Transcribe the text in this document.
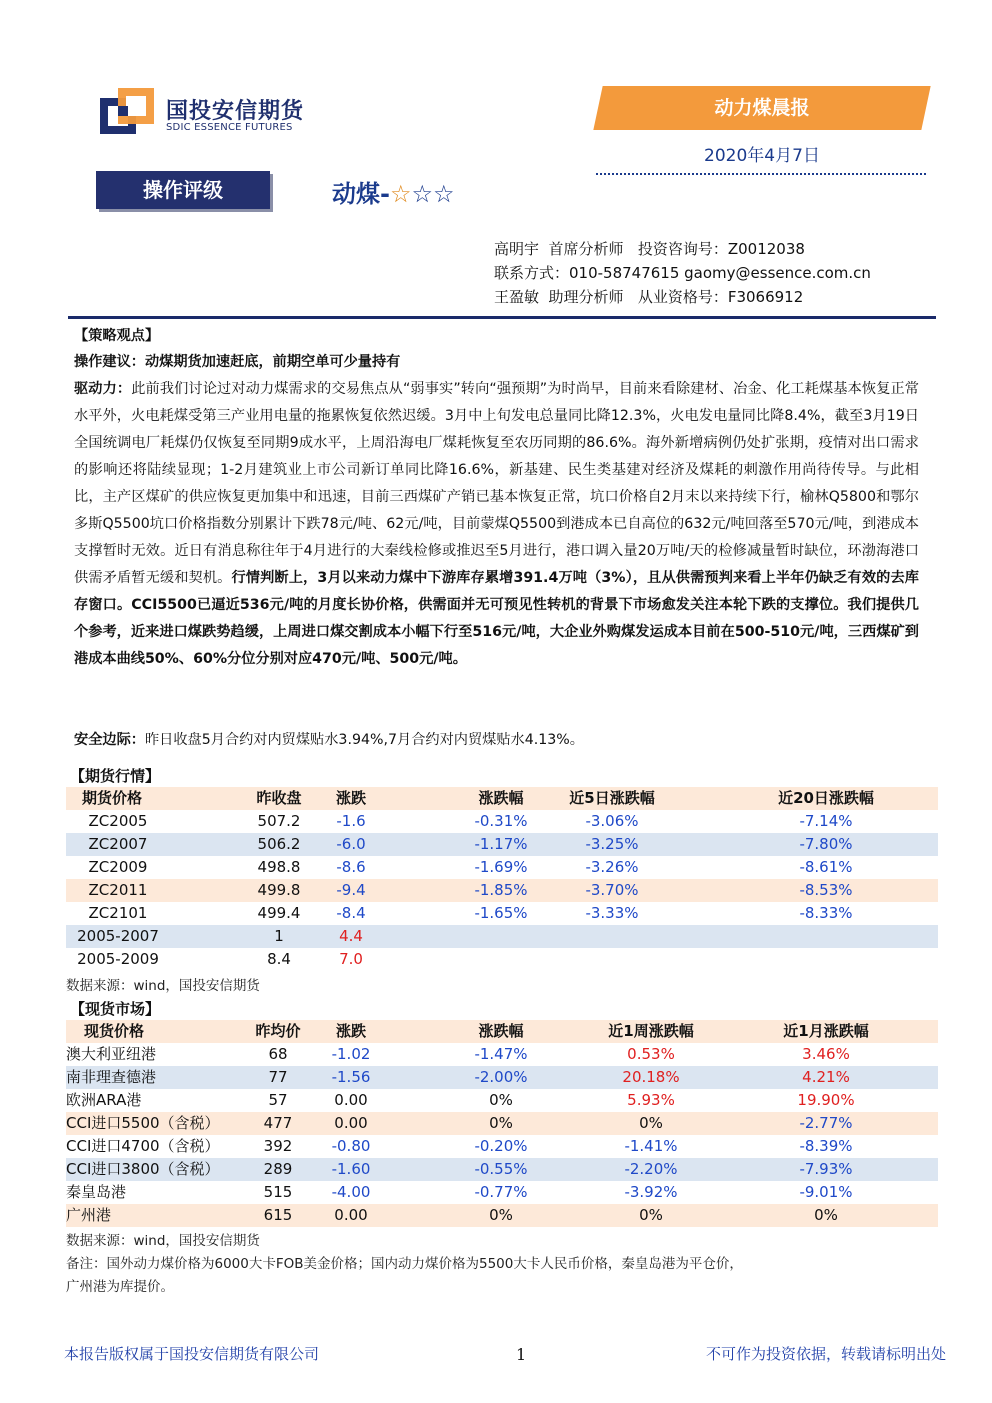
国投安信期货
SDIC ESSENCE FUTURES
动力煤晨报
2020年4月7日
操作评级	动煤-☆☆☆
高明宇  首席分析师   投资咨询号：Z0012038
联系方式：010-58747615 gaomy@essence.com.cn
王盈敏  助理分析师   从业资格号：F3066912
【策略观点】
操作建议：动煤期货加速赶底，前期空单可少量持有
驱动力：此前我们讨论过对动力煤需求的交易焦点从“弱事实”转向“强预期”为时尚早，目前来看除建材、冶金、化工耗煤基本恢复正常水平外，火电耗煤受第三产业用电量的拖累恢复依然迟缓。3月中上旬发电总量同比降12.3%，火电发电量同比降8.4%，截至3月19日全国统调电厂耗煤仍仅恢复至同期9成水平，上周沿海电厂煤耗恢复至农历同期的86.6%。海外新增病例仍处扩张期，疫情对出口需求的影响还将陆续显现；1-2月建筑业上市公司新订单同比降16.6%，新基建、民生类基建对经济及煤耗的刺激作用尚待传导。与此相比，主产区煤矿的供应恢复更加集中和迅速，目前三西煤矿产销已基本恢复正常，坑口价格自2月末以来持续下行，榆林Q5800和鄂尔多斯Q5500坑口价格指数分别累计下跌78元/吨、62元/吨，目前蒙煤Q5500到港成本已自高位的632元/吨回落至570元/吨，到港成本支撑暂时无效。近日有消息称往年于4月进行的大秦线检修或推迟至5月进行，港口调入量20万吨/天的检修减量暂时缺位，环渤海港口供需矛盾暂无缓和契机。行情判断上，3月以来动力煤中下游库存累增391.4万吨（3%），且从供需预判来看上半年仍缺乏有效的去库存窗口。CCI5500已逼近536元/吨的月度长协价格，供需面并无可预见性转机的背景下市场愈发关注本轮下跌的支撑位。我们提供几个参考，近来进口煤跌势趋缓，上周进口煤交割成本小幅下行至516元/吨，大企业外购煤发运成本目前在500-510元/吨，三西煤矿到港成本曲线50%、60%分位分别对应470元/吨、500元/吨。
安全边际：昨日收盘5月合约对内贸煤贴水3.94%,7月合约对内贸煤贴水4.13%。
【期货行情】
期货价格	昨收盘 涨跌	涨跌幅	近5日涨跌幅	近20日涨跌幅
ZC2005	507.2 -1.6	-0.31%	-3.06%	-7.14%
ZC2007	506.2 -6.0	-1.17%	-3.25%	-7.80%
ZC2009	498.8 -8.6	-1.69%	-3.26%	-8.61%
ZC2011	499.8 -9.4	-1.85%	-3.70%	-8.53%
ZC2101	499.4 -8.4	-1.65%	-3.33%	-8.33%
2005-2007	1	4.4
2005-2009	8.4	7.0
数据来源：wind，国投安信期货
【现货市场】
现货价格	昨均价 涨跌	涨跌幅	近1周涨跌幅	近1月涨跌幅
澳大利亚纽港	68	-1.02	-1.47%	0.53%	3.46%
南非理查德港	77	-1.56	-2.00%	20.18%	4.21%
欧洲ARA港	57	0.00	0%	5.93%	19.90%
CCI进口5500（含税）	477	0.00	0%	0%	-2.77%
CCI进口4700（含税）	392	-0.80	-0.20%	-1.41%	-8.39%
CCI进口3800（含税）	289	-1.60	-0.55%	-2.20%	-7.93%
秦皇岛港	515	-4.00	-0.77%	-3.92%	-9.01%
广州港	615	0.00	0%	0%	0%
数据来源：wind，国投安信期货
备注：国外动力煤价格为6000大卡FOB美金价格；国内动力煤价格为5500大卡人民币价格，秦皇岛港为平仓价，
广州港为库提价。
本报告版权属于国投安信期货有限公司	1	不可作为投资依据，转载请标明出处
